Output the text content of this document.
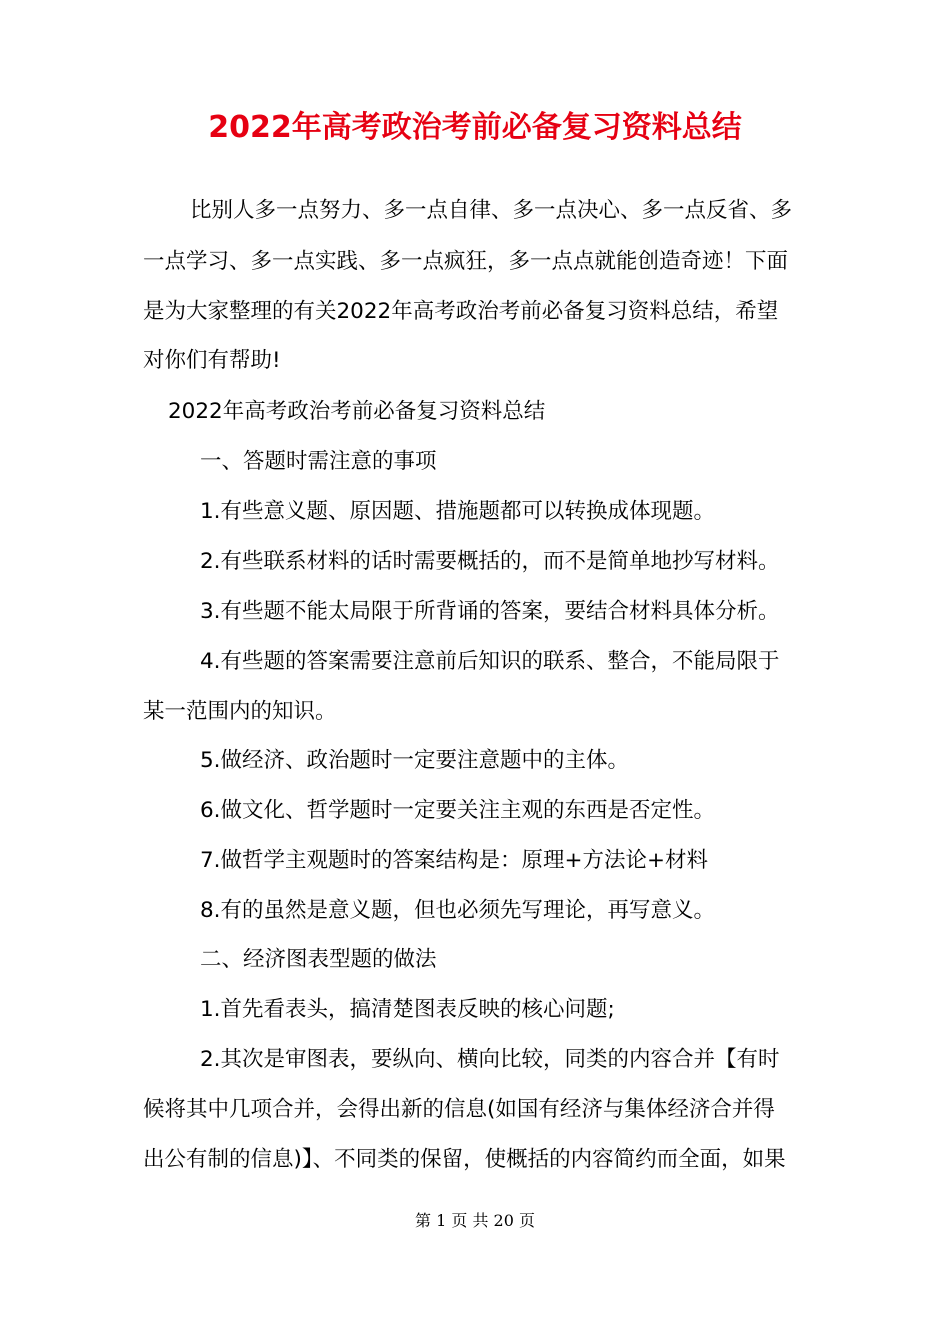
2022年高考政治考前必备复习资料总结
比别人多一点努力、多一点自律、多一点决心、多一点反省、多
一点学习、多一点实践、多一点疯狂，多一点点就能创造奇迹！下面
是为大家整理的有关2022年高考政治考前必备复习资料总结，希望
对你们有帮助!
2022年高考政治考前必备复习资料总结
一、答题时需注意的事项
1.有些意义题、原因题、措施题都可以转换成体现题。
2.有些联系材料的话时需要概括的，而不是简单地抄写材料。
3.有些题不能太局限于所背诵的答案，要结合材料具体分析。
4.有些题的答案需要注意前后知识的联系、整合，不能局限于
某一范围内的知识。
5.做经济、政治题时一定要注意题中的主体。
6.做文化、哲学题时一定要关注主观的东西是否定性。
7.做哲学主观题时的答案结构是：原理+方法论+材料
8.有的虽然是意义题，但也必须先写理论，再写意义。
二、经济图表型题的做法
1.首先看表头，搞清楚图表反映的核心问题;
2.其次是审图表，要纵向、横向比较，同类的内容合并【有时
候将其中几项合并，会得出新的信息(如国有经济与集体经济合并得
出公有制的信息)】、不同类的保留，使概括的内容简约而全面，如果
第 1 页 共 20 页
